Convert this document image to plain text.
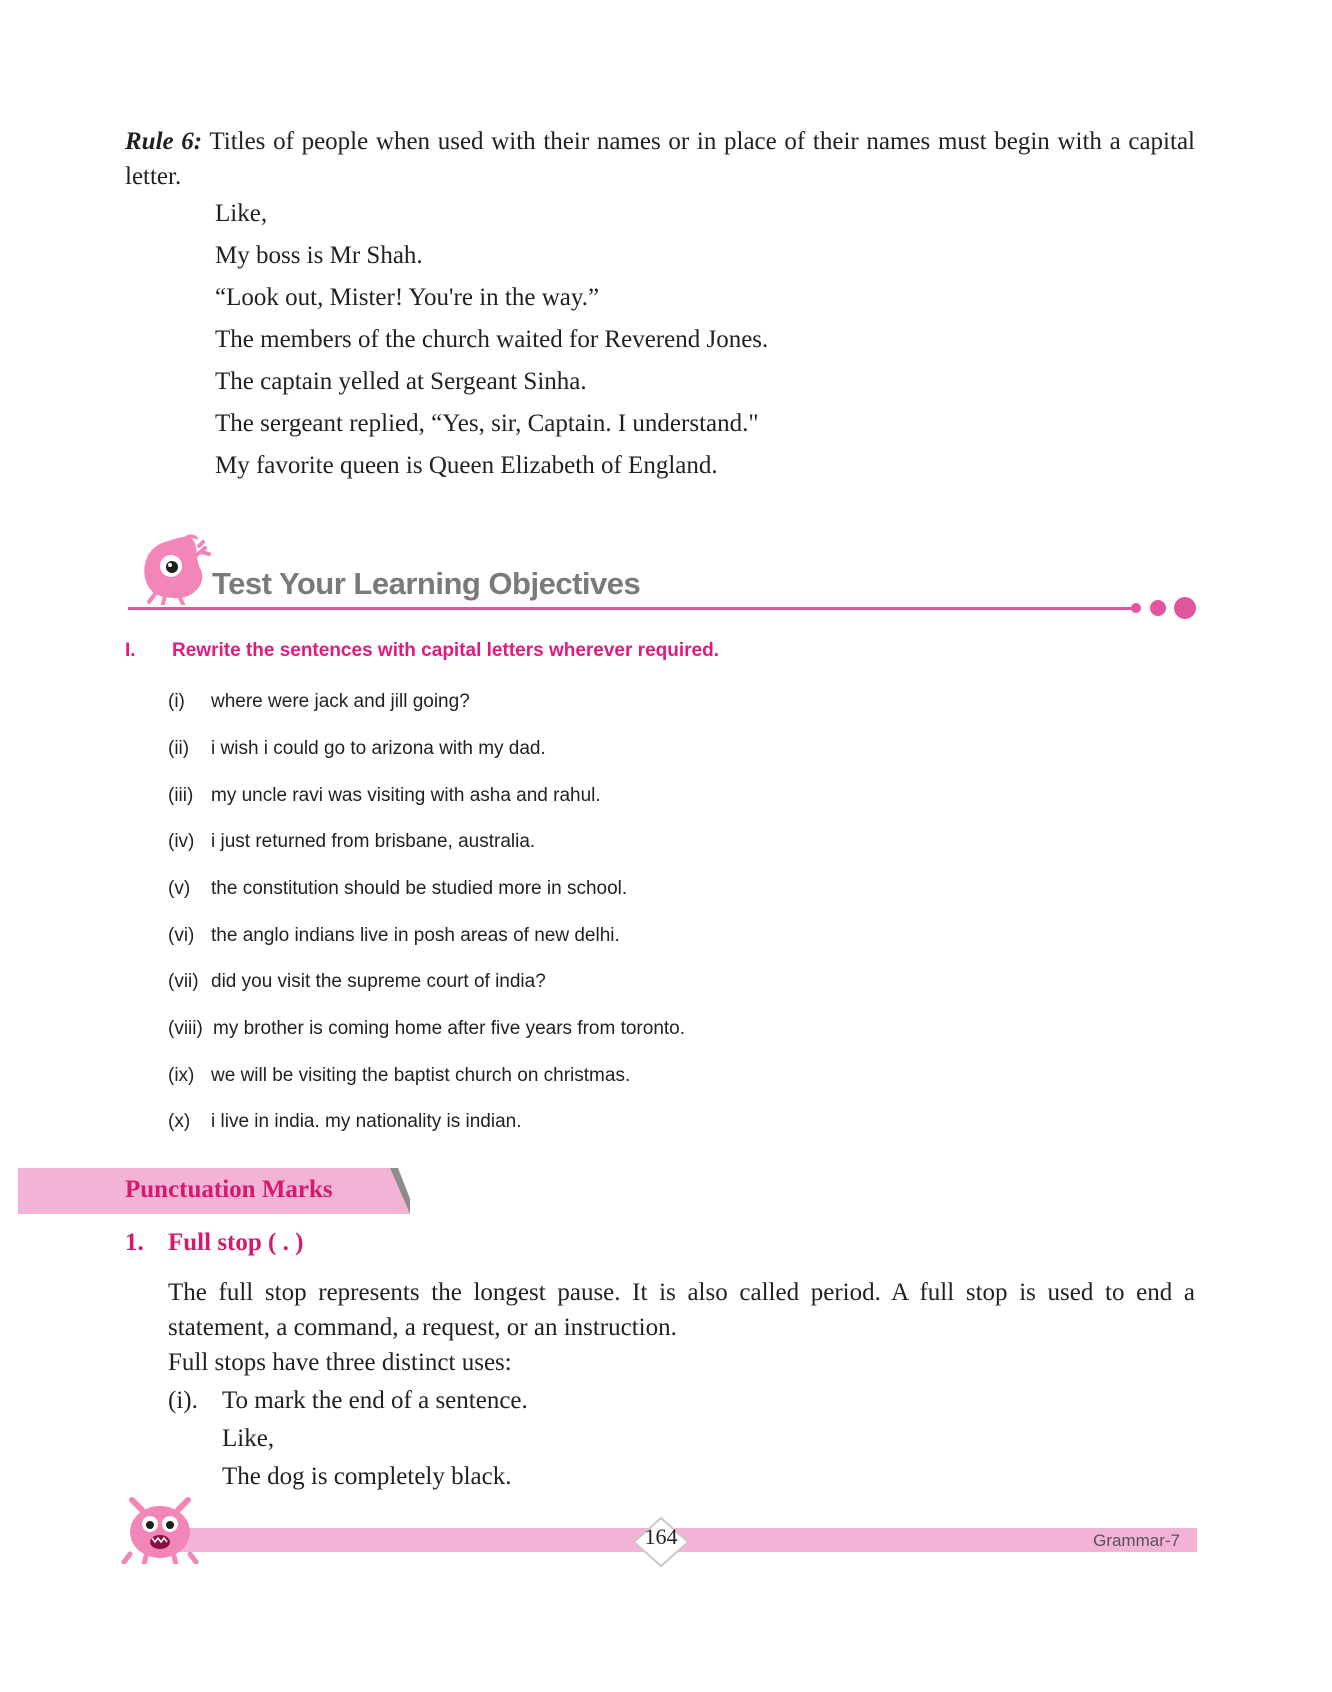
Rule 6: Titles of people when used with their names or in place of their names must begin with a capital letter.
Like,
My boss is Mr Shah.
“Look out, Mister! You're in the way.”
The members of the church waited for Reverend Jones.
The captain yelled at Sergeant Sinha.
The sergeant replied, “Yes, sir, Captain. I understand."
My favorite queen is Queen Elizabeth of England.
Test Your Learning Objectives
I. Rewrite the sentences with capital letters wherever required.
(i) where were jack and jill going?
(ii) i wish i could go to arizona with my dad.
(iii) my uncle ravi was visiting with asha and rahul.
(iv) i just returned from brisbane, australia.
(v) the constitution should be studied more in school.
(vi) the anglo indians live in posh areas of new delhi.
(vii) did you visit the supreme court of india?
(viii) my brother is coming home after five years from toronto.
(ix) we will be visiting the baptist church on christmas.
(x) i live in india. my nationality is indian.
Punctuation Marks
1. Full stop ( . )
The full stop represents the longest pause. It is also called period. A full stop is used to end a statement, a command, a request, or an instruction.
Full stops have three distinct uses:
(i). To mark the end of a sentence.
Like,
The dog is completely black.
164	Grammar-7
